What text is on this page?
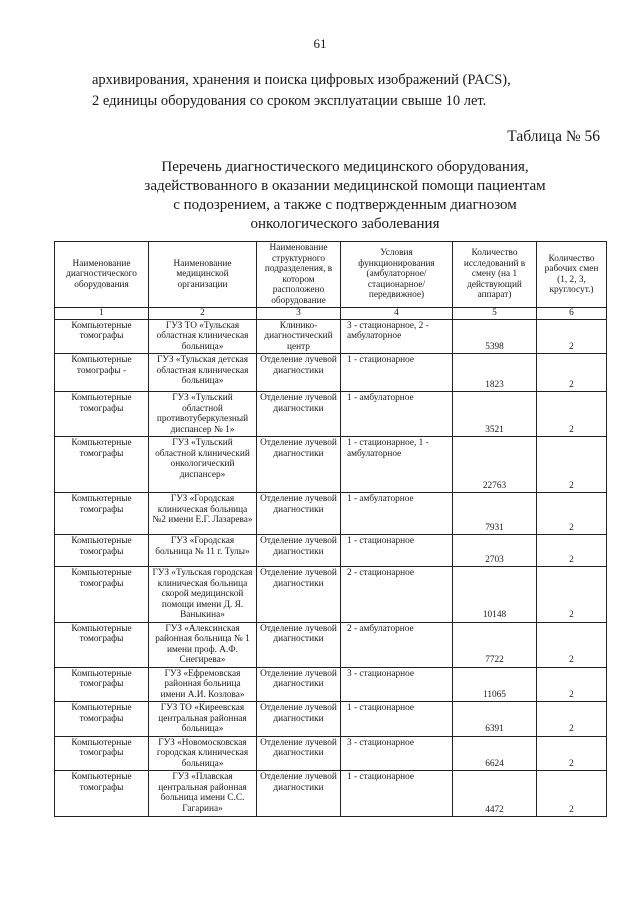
61

архивирования, хранения и поиска цифровых изображений (PACS),

2 единицы оборудования со сроком эксплуатации свыше 10 лет.

Таблица № 56

Перечень диагностического медицинского оборудования,

задействованного в оказании медицинской помощи пациентам

с подозрением, а также с подтвержденным диагнозом

онкологического заболевания

Наименование диагностического оборудования	Наименование медицинской организации	Наименование структурного подразделения, в котором расположено оборудование	Условия функционирования (амбулаторное/ стационарное/ передвижное)	Количество исследований в смену (на 1 действующий аппарат)	Количество рабочих смен (1, 2, 3, круглосут.)
1	2	3	4	5	6
Компьютерные томографы	ГУЗ ТО «Тульская областная клиническая больница»	Клинико-диагностический центр	3 - стационарное, 2 - амбулаторное	5398	2
Компьютерные томографы -	ГУЗ «Тульская детская областная клиническая больница»	Отделение лучевой диагностики	1 - стационарное	1823	2
Компьютерные томографы	ГУЗ «Тульский областной противотуберкулезный диспансер № 1»	Отделение лучевой диагностики	1 - амбулаторное	3521	2
Компьютерные томографы	ГУЗ «Тульский областной клинический онкологический диспансер»	Отделение лучевой диагностики	1 - стационарное, 1 - амбулаторное	22763	2
Компьютерные томографы	ГУЗ «Городская клиническая больница №2 имени Е.Г. Лазарева»	Отделение лучевой диагностики	1 - амбулаторное	7931	2
Компьютерные томографы	ГУЗ «Городская больница № 11 г. Тулы»	Отделение лучевой диагностики	1 - стационарное	2703	2
Компьютерные томографы	ГУЗ «Тульская городская клиническая больница скорой медицинской помощи имени Д. Я. Ваныкина»	Отделение лучевой диагностики	2 - стационарное	10148	2
Компьютерные томографы	ГУЗ «Алексинская районная больница № 1 имени проф. А.Ф. Снегирева»	Отделение лучевой диагностики	2 - амбулаторное	7722	2
Компьютерные томографы	ГУЗ «Ефремовская районная больница имени А.И. Козлова»	Отделение лучевой диагностики	3 - стационарное	11065	2
Компьютерные томографы	ГУЗ ТО «Киреевская центральная районная больница»	Отделение лучевой диагностики	1 - стационарное	6391	2
Компьютерные томографы	ГУЗ «Новомосковская городская клиническая больница»	Отделение лучевой диагностики	3 - стационарное	6624	2
Компьютерные томографы	ГУЗ «Плавская центральная районная больница имени С.С. Гагарина»	Отделение лучевой диагностики	1 - стационарное	4472	2
